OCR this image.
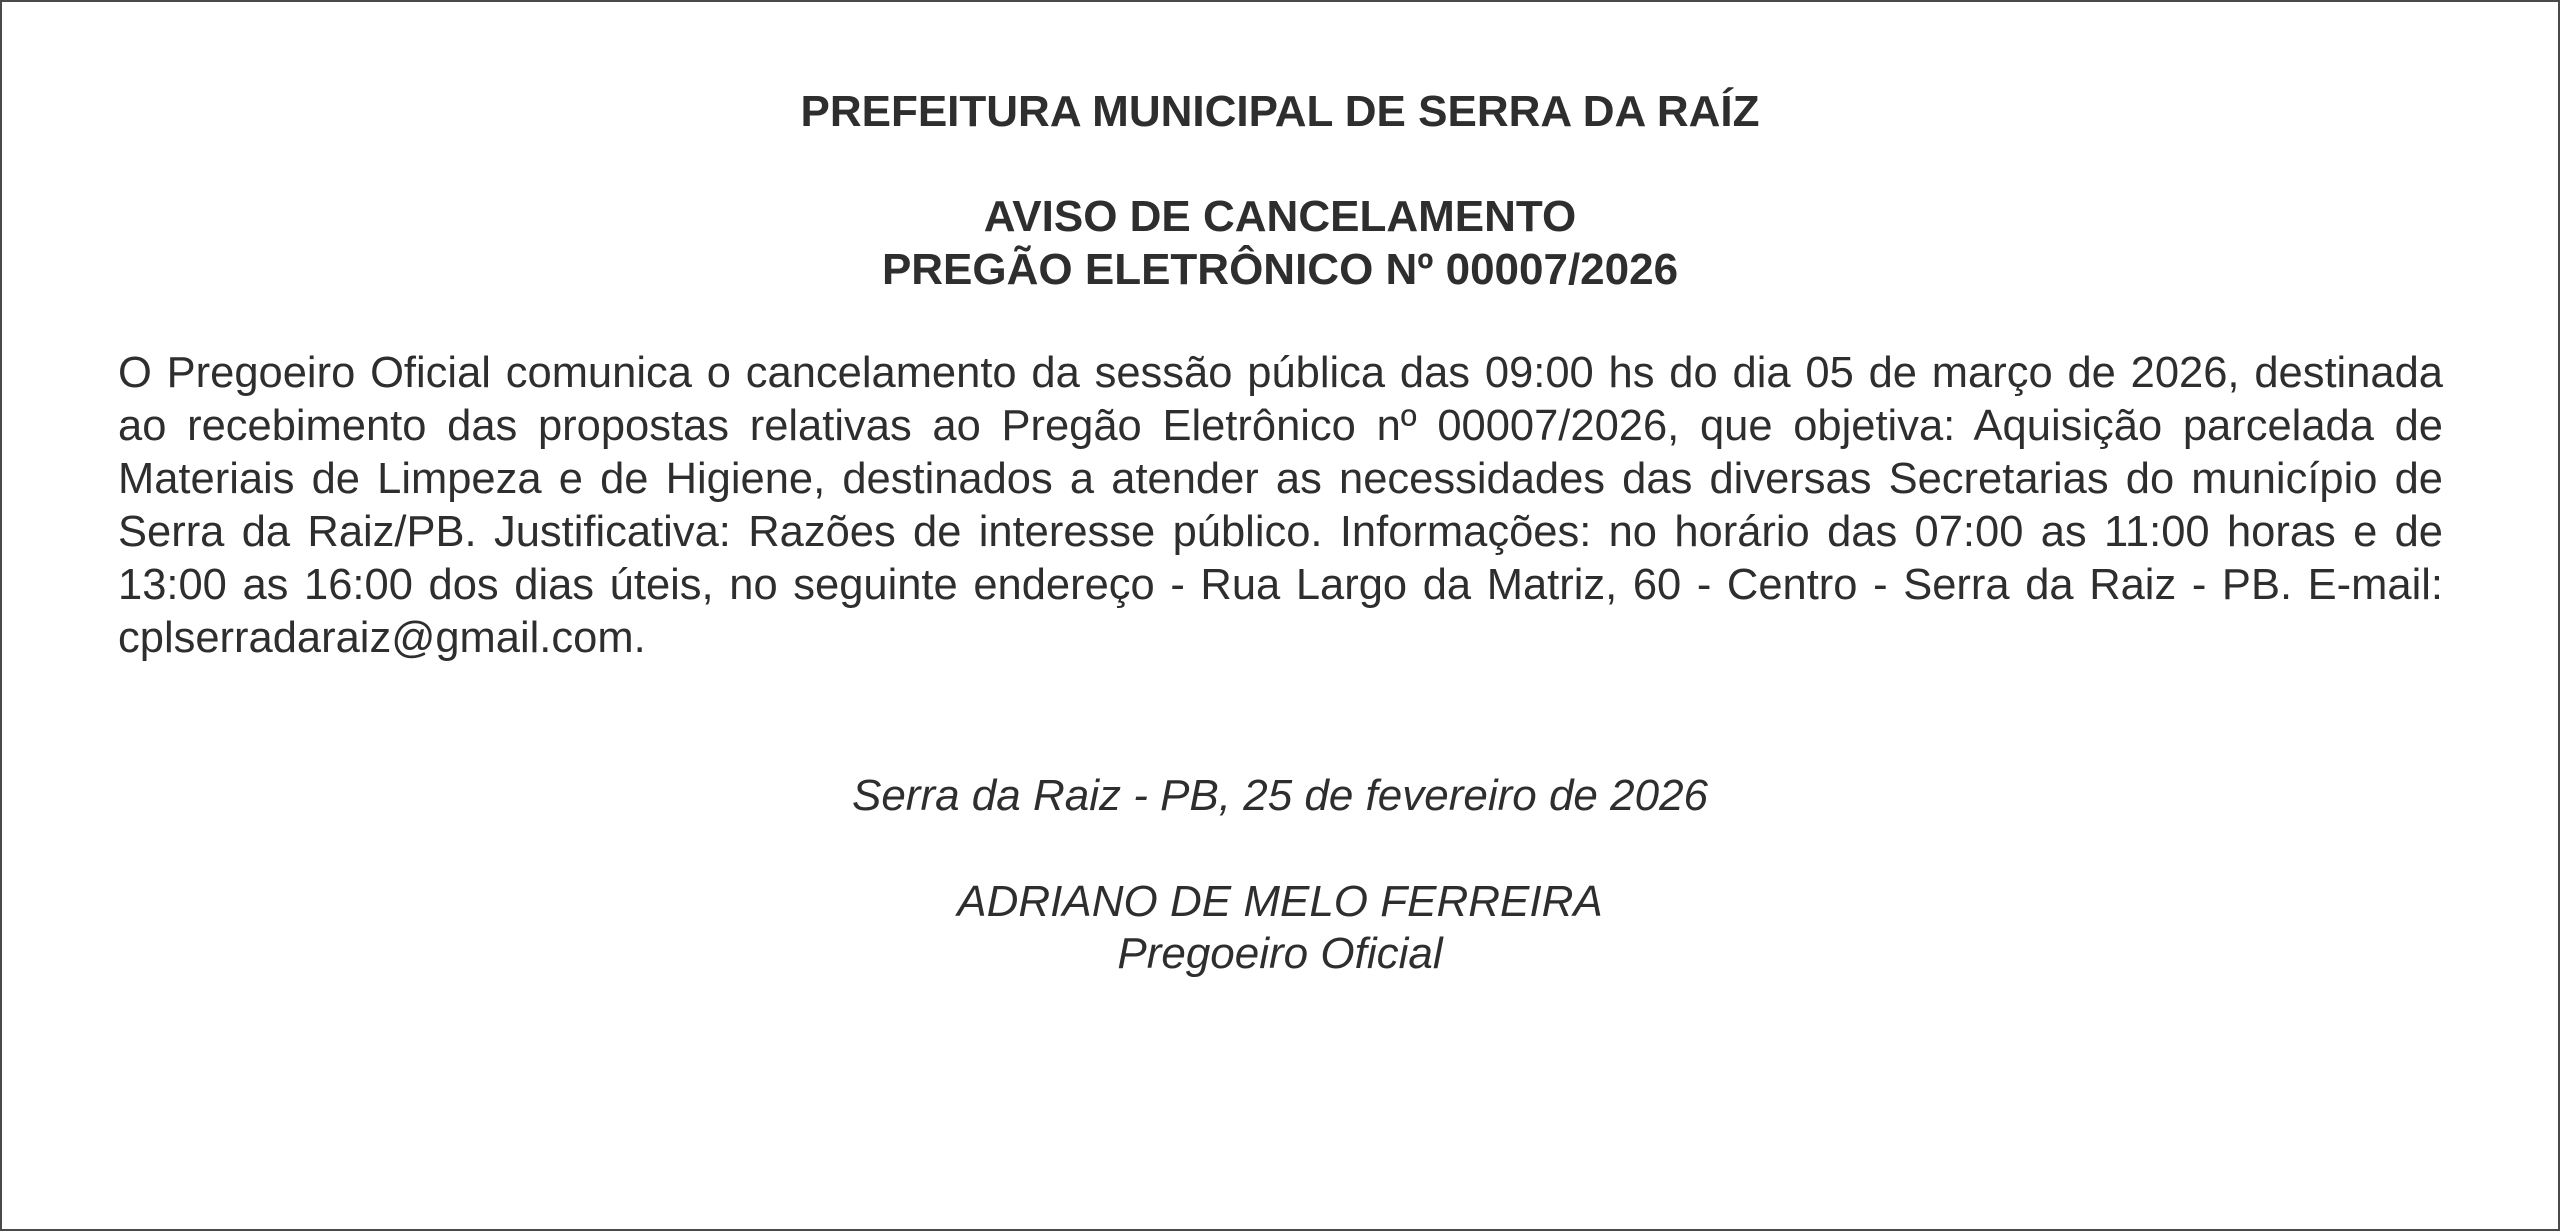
PREFEITURA MUNICIPAL DE SERRA DA RAÍZ
AVISO DE CANCELAMENTO
PREGÃO ELETRÔNICO Nº 00007/2026
O Pregoeiro Oficial comunica o cancelamento da sessão pública das 09:00 hs do dia 05 de março de 2026, destinada ao recebimento das propostas relativas ao Pregão Eletrônico nº 00007/2026, que objetiva: Aquisição parcelada de Materiais de Limpeza e de Higiene, destinados a atender as necessidades das diversas Secretarias do município de Serra da Raiz/PB. Justificativa: Razões de interesse público. Informações: no horário das 07:00 as 11:00 horas e de 13:00 as 16:00 dos dias úteis, no seguinte endereço - Rua Largo da Matriz, 60 - Centro - Serra da Raiz - PB. E-mail: cplserradaraiz@gmail.com.
Serra da Raiz - PB, 25 de fevereiro de 2026
ADRIANO DE MELO FERREIRA
Pregoeiro Oficial
